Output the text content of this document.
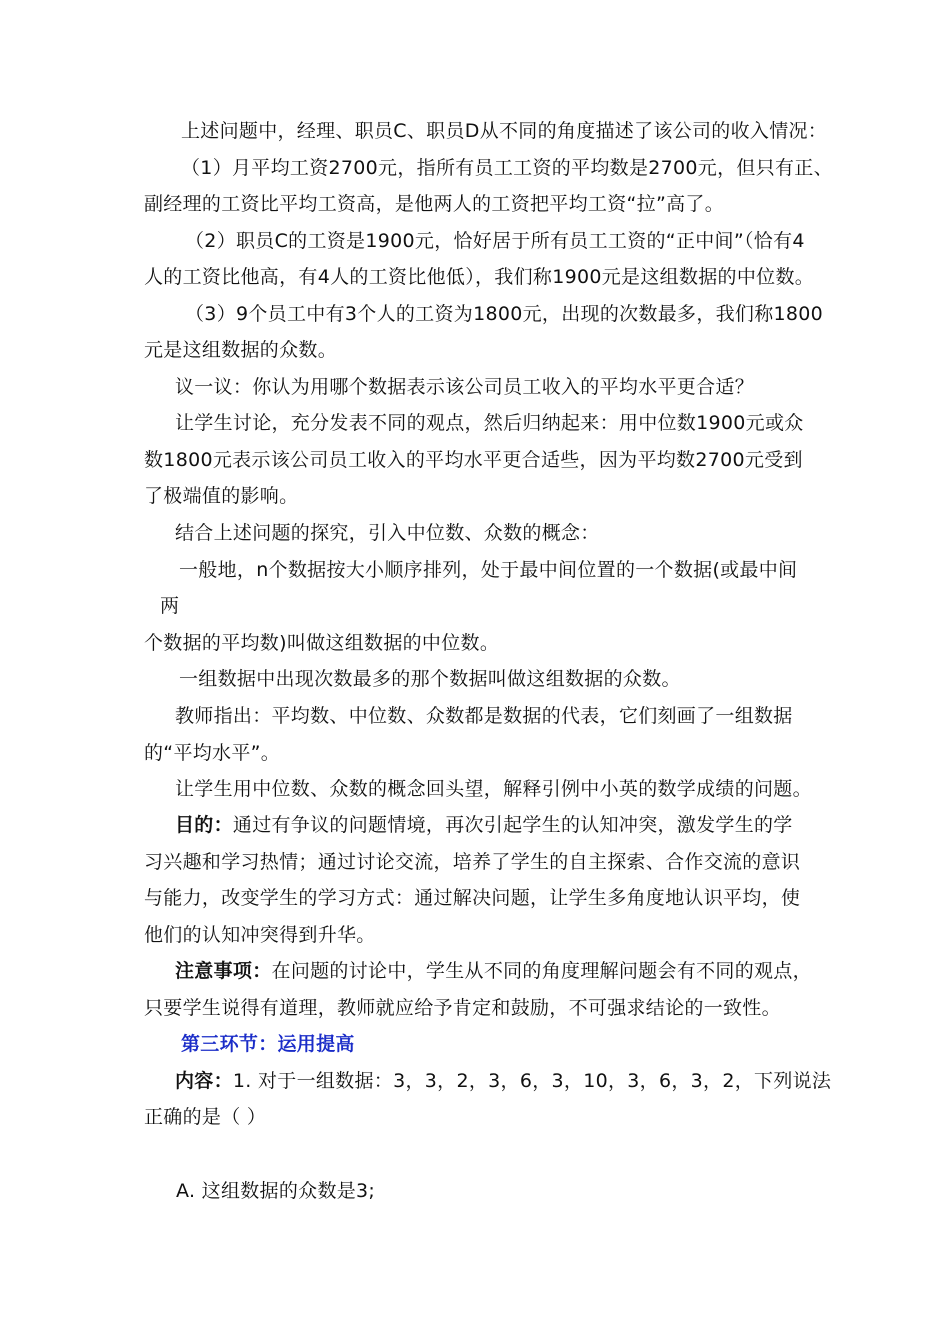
上述问题中，经理、职员C、职员D从不同的角度描述了该公司的收入情况：
（1）月平均工资2700元，指所有员工工资的平均数是2700元，但只有正、
副经理的工资比平均工资高，是他两人的工资把平均工资“拉”高了。
（2）职员C的工资是1900元，恰好居于所有员工工资的“正中间”（恰有4
人的工资比他高，有4人的工资比他低），我们称1900元是这组数据的中位数。
（3）9个员工中有3个人的工资为1800元，出现的次数最多，我们称1800
元是这组数据的众数。
议一议：你认为用哪个数据表示该公司员工收入的平均水平更合适？
让学生讨论，充分发表不同的观点，然后归纳起来：用中位数1900元或众
数1800元表示该公司员工收入的平均水平更合适些，因为平均数2700元受到
了极端值的影响。
结合上述问题的探究，引入中位数、众数的概念：
一般地，n个数据按大小顺序排列，处于最中间位置的一个数据(或最中间
两
个数据的平均数)叫做这组数据的中位数。
一组数据中出现次数最多的那个数据叫做这组数据的众数。
教师指出：平均数、中位数、众数都是数据的代表，它们刻画了一组数据
的“平均水平”。
让学生用中位数、众数的概念回头望，解释引例中小英的数学成绩的问题。
目的：通过有争议的问题情境，再次引起学生的认知冲突，激发学生的学
习兴趣和学习热情；通过讨论交流，培养了学生的自主探索、合作交流的意识
与能力，改变学生的学习方式：通过解决问题，让学生多角度地认识平均，使
他们的认知冲突得到升华。
注意事项：在问题的讨论中，学生从不同的角度理解问题会有不同的观点，
只要学生说得有道理，教师就应给予肯定和鼓励，不可强求结论的一致性。
第三环节：运用提高
内容：1. 对于一组数据：3，3，2，3，6，3，10，3，6，3，2，下列说法
正确的是（ ）
A. 这组数据的众数是3;
